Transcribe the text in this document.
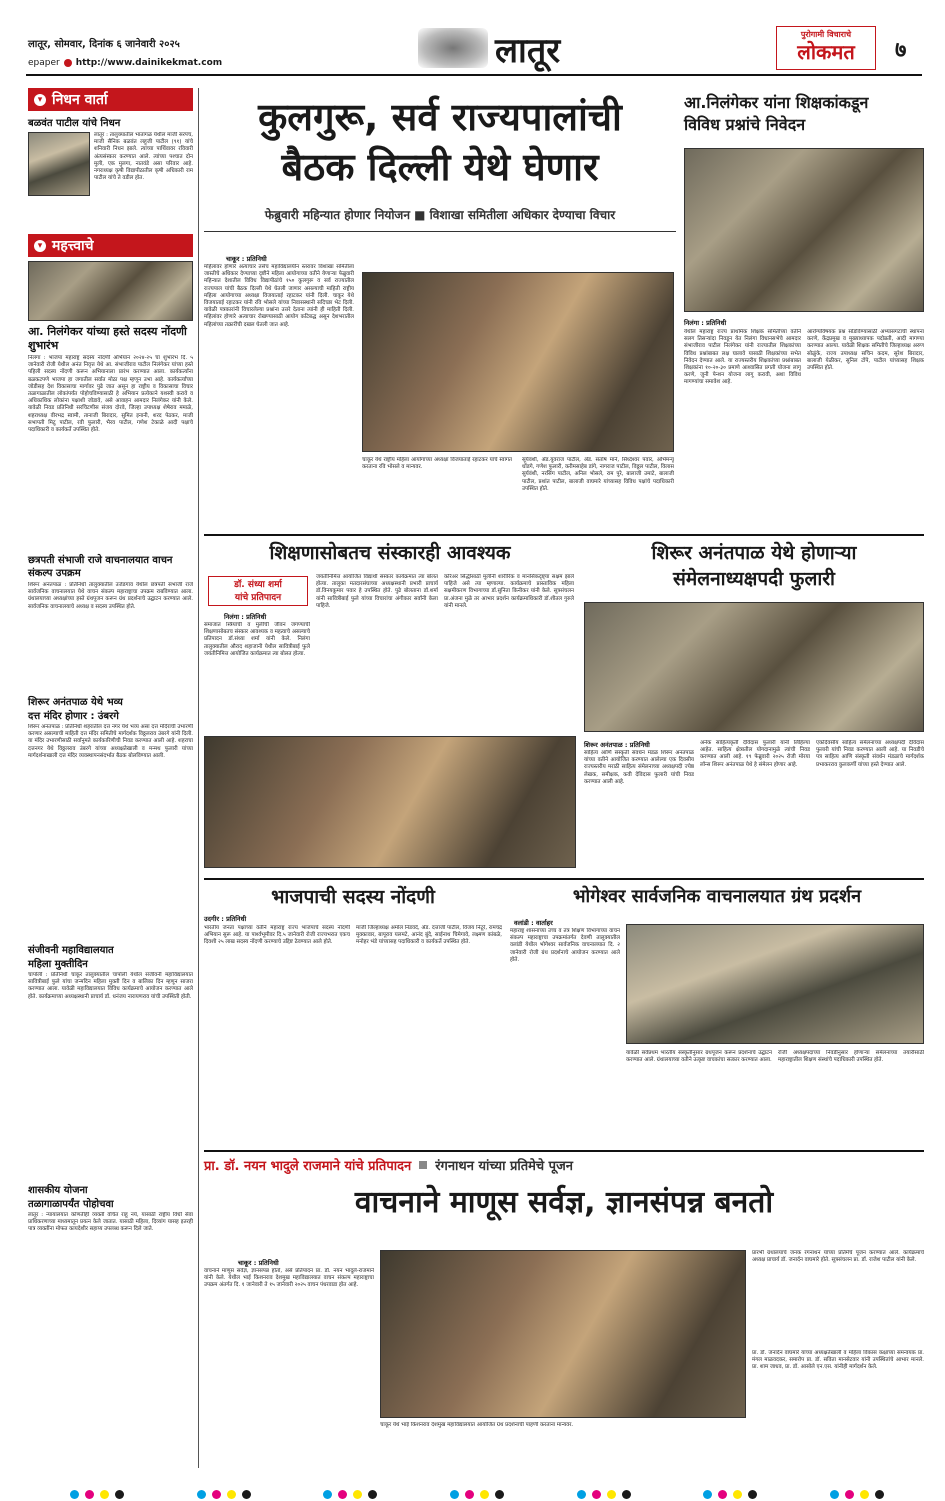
लातूर, सोमवार, दिनांक ६ जानेवारी २०२५
epaper http://www.dainikekmat.com	लातूर	पुरोगामी विचाराचे
लोकमत	७
▾ निधन वार्ता
बळवंत पाटील यांचे निधन
लातूर : तालुक्यातील भातांगळ येथील माजी सरपंच, माजी सैनिक बळवंत लहुजी पाटील (९१) यांचे शनिवारी निधन झाले. त्यांच्या पार्थिवावर रविवारी अंत्यसंस्कार करण्यात आले. त्यांच्या पश्चात दोन मुली, एक मुलगा, नातवंडे असा परिवार आहे. नगराध्यक्ष कृषी विद्यापीठातील कृषी अधिकारी राम पाटील यांचे ते वडील होत.
▾ महत्त्वाचे
आ. निलंगेकर यांच्या हस्ते सदस्य नोंदणी शुभारंभ
निलंगा : भाजपा महाराष्ट्र सदस्य नोंदणी अभियान २०२४-२५ चा शुभारंभ दि. ५ जानेवारी रोजी येथील अनंत निवृत्त येथे आ. संभाजीराव पाटील निलंगेकर यांच्या हस्ते पहिली सदस्य नोंदणी करून अभियानाला प्रारंभ करण्यात आला. कार्यकर्त्यांना बळकटपणे भाजपा हा जगातील सर्वात मोठा पक्ष म्हणून उभा आहे. कार्यकर्त्यांच्या जोडीसह देश विकासाचा मार्गावर पुढे जात असून हा राष्ट्रीय व विकासाचा विचार तळागाळातील लोकांपर्यंत पोहोचविण्यासाठी हे अभियान प्रत्येकाने यशस्वी करावे व अधिकाधिक लोकांना पक्षाशी जोडावे, असे आवाहन आमदार निलंगेकर यांनी केले. यावेळी निवड प्रतिनिधी सरचिटणीस संजय दोरवे, जिल्हा उपाध्यक्ष शेषेराव ममाळे, शहराध्यक्ष वीरभद्र स्वामी, तानाजी बिरादार, सुमित इनानी, शरद पेठकर, माजी सभापती मिटू पाटील, रवी फुलारी, भैरव पाटील, गणेश टेकाळे आदी पक्षाचे पदाधिकारी व कार्यकर्ते उपस्थित होते.
छत्रपती संभाजी राजे वाचनालयात वाचन संकल्प उपक्रम
शिरूर अनंतपाळ : प्रतिनिधी तालुक्यातील उजेडगाव येथील छत्रपती संभाजी राजे सार्वजनिक वाचनालयात येथे वाचन संकल्प महाराष्ट्राचा उपक्रम राबविण्यात आला. ग्रंथालयाच्या अध्यक्षांच्या हस्ते ग्रंथपूजन करून ग्रंथ प्रदर्शनाचे उद्घाटन करण्यात आले. सार्वजनिक वाचनालयाचे अध्यक्ष व सदस्य उपस्थित होते.
शिरूर अनंतपाळ येथे भव्य
दत्त मंदिर होणार : उंबरगे
शिरूर अनंतपाळ : प्रतिनिधी शहरातील दत्त नगर येथे भव्य असा दत्त मंदिराची उभारणी करणार असल्याची माहिती दत्त मंदिर समितीचे मार्गदर्शक विठ्ठलराव उंबरगे यांनी दिली. या मंदिर उभारणीसाठी सर्वांनुमते कार्यकारिणीची निवड करण्यात आली आहे. शहराचा दत्तनगर येथे विठ्ठलराव उंबरगे यांच्या अध्यक्षतेखाली व मन्मथ फुलारी यांच्या मार्गदर्शनाखाली दत्त मंदिर व्यवस्थापनसंदर्भात बैठक बोलविण्यात आली.
संजीवनी महाविद्यालयात
महिला मुक्तीदिन
चापोली : प्रतिनिधी चाकूर तालुक्यातील चापोली येथील संजीवनी महाविद्यालयात सावित्रीबाई फुले यांचा जन्मदिन महिला मुक्ती दिन व बालिका दिन म्हणून साजरा करण्यात आला. यावेळी महाविद्यालयात विविध कार्यक्रमाचे आयोजन करण्यात आले होते. कार्यक्रमाच्या अध्यक्षस्थानी प्राचार्य डॉ. धनंजय नारायणराव यांची उपस्थिती होती.
शासकीय योजना
तळागाळापर्यंत पोहोचवा
लातूर : न्यायालयात कोणतीही व्यक्ती वंचित राहू नये, यासाठी राष्ट्रीय विधी सेवा प्राधिकरणाच्या माध्यमातून प्रयत्न केले जातात. यासाठी महिला, दिव्यांग यासह इतरही पात्र व्यक्तींना मोफत कायदेशीर सहाय्य उपलब्ध करून दिले जाते.
कुलगुरू, सर्व राज्यपालांची
बैठक दिल्ली येथे घेणार
फेब्रुवारी महिन्यात होणार नियोजन ■ विशाखा समितीला अधिकार देण्याचा विचार
चाकूर : प्रतिनिधी
महिलांवर होणारे अत्याचार तसेच महाविद्यालयीन स्तरावर विशाखा समितीला जास्तीचे अधिकार देण्याच्या दृष्टीने महिला आयोगाच्या वतीने येणाऱ्या फेब्रुवारी महिन्यात देशातील विविध विद्यापीठांचे १५० कुलगुरू व सर्व राज्यातील राज्यपाल यांची बैठक दिल्ली येथे घेतली जाणार असल्याची माहिती राष्ट्रीय महिला आयोगाच्या अध्यक्षा विजयाताई रहाटकर यांनी दिली. चाकूर येथे विजयाताई रहाटकर यांनी रवि भोसले यांच्या निवासस्थानी सदिच्छा भेट दिली. यावेळी पत्रकारांनी विचारलेल्या प्रश्नांना उत्तरे देताना त्यांनी ही माहिती दिली. महिलांवर होणारे अत्याचार रोखण्यासाठी आयोग कटिबद्ध असून देशभरातील महिलांच्या तक्रारींची दखल घेतली जात आहे.
चाकूर येथे राष्ट्रीय महिला आयोगाच्या अध्यक्षा विजयाताई रहाटकर यांचे स्वागत करताना रवि भोसले व मान्यवर.
सूर्यवंशी, ॲड.युवराज पाटील, ॲड. संतोष माने, सिध्देश्वर पवार, अभिमन्यू धोंडगे, गणेश फुलारी, करीमसाहेब डांगे, नागराज पाटील, विठ्ठल पाटील, विलास सुर्यवंशी, नरसिंग पाटील, अनिल भोसले, राम पुरे, बालाजी उमाटे, बालाजी पाटील, प्रशांत पाटील, बालाजी वाघमारे यांच्यासह विविध पक्षांचे पदाधिकारी उपस्थित होते.
आ.निलंगेकर यांना शिक्षकांकडून
विविध प्रश्नांचे निवेदन
निलंगा : प्रतिनिधी
येथील महाराष्ट्र राज्य प्राथमिक शिक्षक समितीच्या वतीने सलग तिसऱ्यांदा निवडून येत निलंगा विधानसभेचे आमदार संभाजीराव पाटील निलंगेकर यांनी राज्यातील शिक्षकांच्या विविध प्रश्नांबाबत लक्ष घालावे यासाठी शिक्षकांच्या सभेत निवेदन देण्यात आले. या राज्यस्तरीय शिक्षकांच्या प्रश्नांबाबत शिक्षकांना १०-२०-३० प्रमाणे आश्वासित प्रगती योजना लागू करणे, जुनी पेन्शन योजना लागू करावी, अशा विविध मागण्यांचा समावेश आहे.
आरोग्यविषयक प्रश्न सोडविण्यासाठी अभ्यासगटाची स्थापना करणे, केंद्रप्रमुख व मुख्याध्यापक पदोन्नती, आदी मागण्या करण्यात आल्या. यावेळी शिक्षक समितीचे जिल्हाध्यक्ष अरुण सोळुंके, राज्य उपाध्यक्ष सचिन कदम, सुरेश बिरादार, बालाजी येळीकर, सुनिल टोंपे, पाटील यांच्यासह शिक्षक उपस्थित होते.
शिक्षणासोबतच संस्कारही आवश्यक
डॉ. संध्या शर्मा
यांचे प्रतिपादन
निलंगा : प्रतिनिधी
समाजात स्त्रियांची व मुलींची जीवन जगण्याची शिक्षणासोबतच संस्कार आवश्यक व महत्वाचे असल्याचे प्रतिपादन डॉ.संध्या शर्मा यांनी केले. निलंगा तालुक्यातील औराद शहाजानी येथील सावित्रीबाई फुले जयंतीनिमित्त आयोजित कार्यक्रमात त्या बोलत होत्या.
जयंतीनिमित्त आयोजित विद्यार्थी संस्कार कार्यक्रमात त्या बोलत होत्या. तालुका मतदारसंघाच्या अध्यक्षस्थानी प्रभारी प्राचार्य डॉ.विनयकुमार पवार हे उपस्थित होते. पुढे बोलताना डॉ.शर्मा यांनी सावित्रीबाई फुले यांच्या विचारांचा अंगीकार सर्वांनी केला पाहिजे.
करिअर सिद्धीसाठी मुलींनी शारीरिक व मानसिकदृष्ट्या सक्षम झाले पाहिजे असे त्या म्हणाल्या. कार्यक्रमाचे प्रास्ताविक महिला सक्षमीकरण विभागाच्या डॉ.सुनिता किनीकर यांनी केले. सूत्रसंचलन प्रा.अंजना मुळे तर आभार प्रदर्शन कार्यक्रमाधिकारी डॉ.शीतल गुरुले यांनी मानले.
शिरूर अनंतपाळ येथे होणाऱ्या
संमेलनाध्यक्षपदी फुलारी
शिरूर अनंतपाळ : प्रतिनिधी
साहित्य आणि संस्कृती संवर्धन मंडळ शिरूर अनंतपाळ यांच्या वतीने आयोजित करण्यात आलेल्या एक दिवसीय राज्यस्तरीय मराठी साहित्य संमेलनाच्या अध्यक्षपदी ज्येष्ठ लेखक, समीक्षक, कवी देविदास फुलारी यांची निवड करण्यात आली आहे.
अनेक साहित्यकृती देविदास फुलारी यांनी लिहिल्या आहेत. साहित्य क्षेत्रातील योगदानामुळे त्यांची निवड करण्यात आली आहे. १९ फेब्रुवारी २०२५ रोजी मोरया लॉन्स शिरूर अनंतपाळ येथे हे संमेलन होणार आहे.
एकदिवसीय साहित्य संमेलनाच्या अध्यक्षपदी देविदास फुलारी यांची निवड करण्यात आली आहे. या निवडीचे पत्र साहित्य आणि संस्कृती संवर्धन मंडळाचे मार्गदर्शक प्रभाकरराव कुलकर्णी यांच्या हस्ते देण्यात आले.
भाजपाची सदस्य नोंदणी
उदगीर : प्रतिनिधी
भारतीय जनता पक्षाच्या वतीने महाराष्ट्र राज्य भाजपाचे सदस्य नोंदणी अभियान सुरू आहे. या पार्श्वभूमीवर दि.५ जानेवारी रोजी राज्यभरात एकच दिवशी २५ लाख सदस्य नोंदणी करण्याचे उद्दिष्ट ठेवण्यात आले होते.
माजी जिल्हाध्यक्ष अमोल निडवदे, ॲड. दत्ताजी पाटील, विजय निटूरे, रामचंद्र मुक्कावार, बापूराव यलमटे, आनंद बुंदे, साईनाथ चिमेगावे, लक्ष्मण कांबळे, मनोहर भंडे यांच्यासह पदाधिकारी व कार्यकर्ते उपस्थित होते.
भोगेश्वर सार्वजनिक वाचनालयात ग्रंथ प्रदर्शन
वलांडी : वार्ताहर
महाराष्ट्र शासनाच्या उच्च व तंत्र शिक्षण विभागाच्या वाचन संकल्प महाराष्ट्राचा उपक्रमांतर्गत देवणी तालुक्यातील वलांडी येथील भोगेश्वर सार्वजनिक वाचनालयात दि. २ जानेवारी रोजी ग्रंथ प्रदर्शनाचे आयोजन करण्यात आले होते.
यावेळी सर्वप्रथम भारतीय संस्कृतीनुसार ग्रंथपूजन करून प्रदर्शनाचे उद्घाटन करण्यात आले. ग्रंथालयाच्या वतीने उत्कृष्ट वाचकांचा सत्कार करण्यात आला.
रोजी अध्यक्षपदाच्या निवडीनुसार होणाऱ्या संमेलनाच्या तयारीसाठी महाराष्ट्रातील शिक्षण संस्थांचे पदाधिकारी उपस्थित होते.
प्रा. डॉ. नयन भादुले राजमाने यांचे प्रतिपादन रंगनाथन यांच्या प्रतिमेचे पूजन
वाचनाने माणूस सर्वज्ञ, ज्ञानसंपन्न बनतो
चाकूर : प्रतिनिधी
वाचनाने माणूस सर्वज्ञ, ज्ञानसंपन्न होतो, असे प्रतिपादन प्रा. डॉ. नयन भादुले-राजमाने यांनी केले. येथील भाई किशनराव देशमुख महाविद्यालयात वाचन संकल्प महाराष्ट्राचा उपक्रम अंतर्गत दि. १ जानेवारी ते १५ जानेवारी २०२५ वाचन पंधरवाडा होत आहे.
चाकूर येथे भाई किशनराव देशमुख महाविद्यालयात आयोजित ग्रंथ प्रदर्शनाची पाहणी करताना मान्यवर.
प्रारंभी ग्रंथालयाचे जनक रंगनाथन यांच्या प्रतिमेचे पूजन करण्यात आले. कार्यक्रमाचे अध्यक्ष प्राचार्य डॉ. जनार्दन वाघमारे होते. सूत्रसंचलन प्रा. डॉ. राजेश पाटील यांनी केले.
प्रा. डॉ. जनार्दन वाघमारे यांच्या अध्यक्षतेखाली व महिला विकास कक्षाच्या समन्वयक प्रा. मंगल माळवदकर, समारोप प्रा. डॉ. सविता मानसेटवार यांनी उपस्थितांचे आभार मानले. प्रा. शाम जाधव, प्रा. डॉ. आसोले एन.एस. यांनीही मार्गदर्शन केले.
